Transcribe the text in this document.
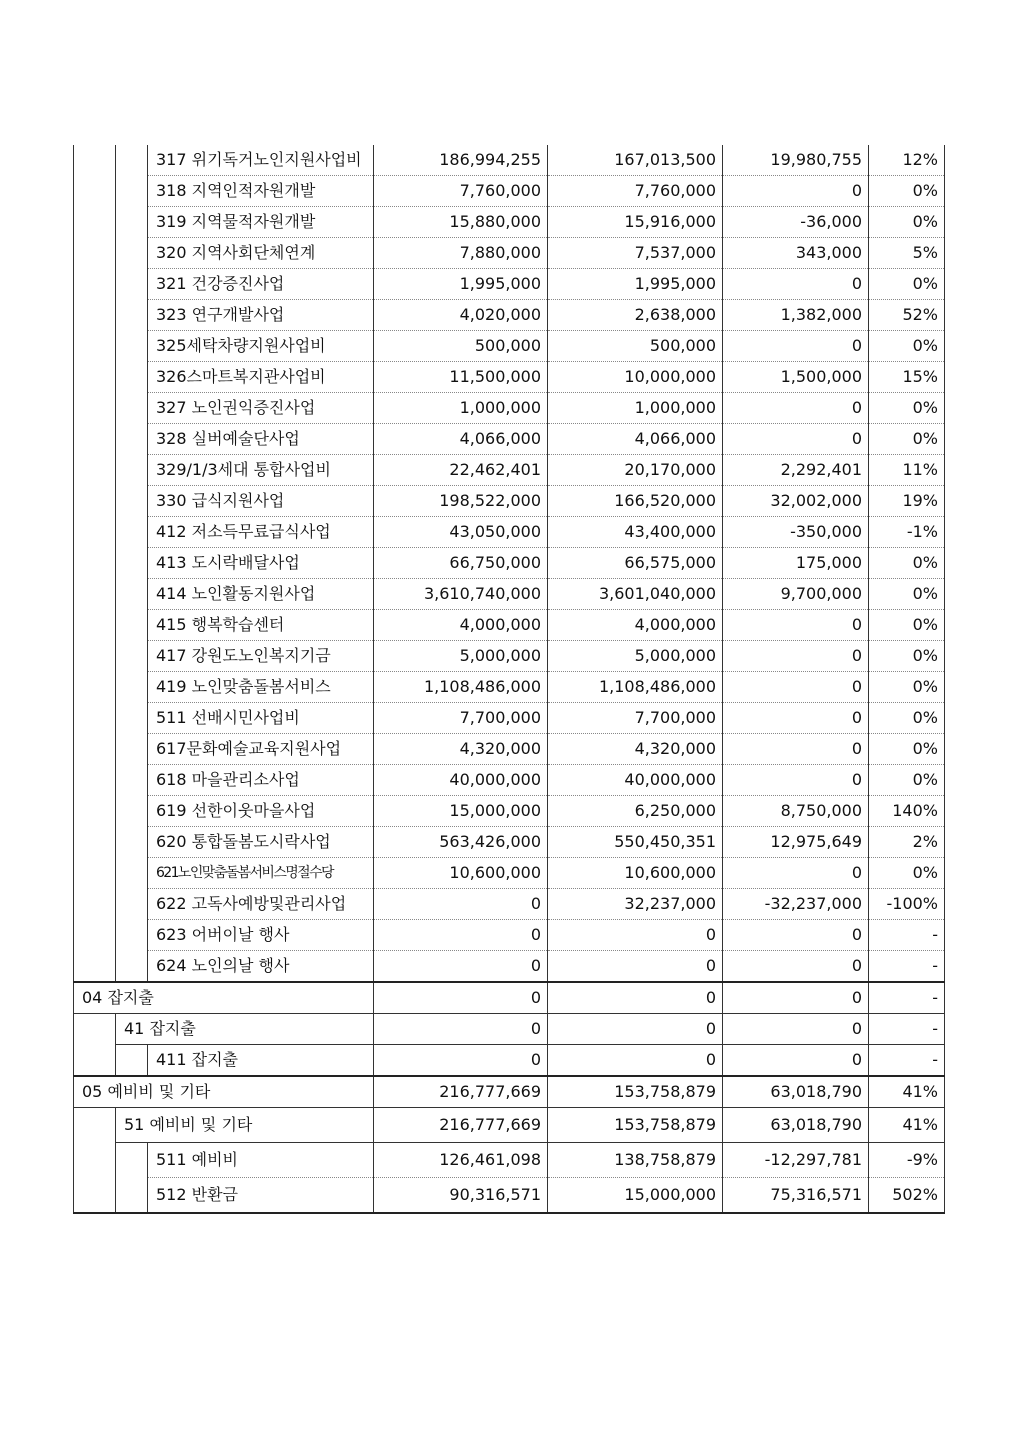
		317 위기독거노인지원사업비	186,994,255	167,013,500	19,980,755	12%
		318 지역인적자원개발	7,760,000	7,760,000	0	0%
		319 지역물적자원개발	15,880,000	15,916,000	-36,000	0%
		320 지역사회단체연계	7,880,000	7,537,000	343,000	5%
		321 건강증진사업	1,995,000	1,995,000	0	0%
		323 연구개발사업	4,020,000	2,638,000	1,382,000	52%
		325세탁차량지원사업비	500,000	500,000	0	0%
		326스마트복지관사업비	11,500,000	10,000,000	1,500,000	15%
		327 노인권익증진사업	1,000,000	1,000,000	0	0%
		328 실버예술단사업	4,066,000	4,066,000	0	0%
		329/1/3세대 통합사업비	22,462,401	20,170,000	2,292,401	11%
		330 급식지원사업	198,522,000	166,520,000	32,002,000	19%
		412 저소득무료급식사업	43,050,000	43,400,000	-350,000	-1%
		413 도시락배달사업	66,750,000	66,575,000	175,000	0%
		414 노인활동지원사업	3,610,740,000	3,601,040,000	9,700,000	0%
		415 행복학습센터	4,000,000	4,000,000	0	0%
		417 강원도노인복지기금	5,000,000	5,000,000	0	0%
		419 노인맞춤돌봄서비스	1,108,486,000	1,108,486,000	0	0%
		511 선배시민사업비	7,700,000	7,700,000	0	0%
		617문화예술교육지원사업	4,320,000	4,320,000	0	0%
		618 마을관리소사업	40,000,000	40,000,000	0	0%
		619 선한이웃마을사업	15,000,000	6,250,000	8,750,000	140%
		620 통합돌봄도시락사업	563,426,000	550,450,351	12,975,649	2%
		621노인맞춤돌봄서비스명절수당	10,600,000	10,600,000	0	0%
		622 고독사예방및관리사업	0	32,237,000	-32,237,000	-100%
		623 어버이날 행사	0	0	0	-
		624 노인의날 행사	0	0	0	-
04 잡지출			0	0	0	-
	41 잡지출		0	0	0	-
		411 잡지출	0	0	0	-
05 예비비 및 기타			216,777,669	153,758,879	63,018,790	41%
	51 예비비 및 기타		216,777,669	153,758,879	63,018,790	41%
		511 예비비	126,461,098	138,758,879	-12,297,781	-9%
		512 반환금	90,316,571	15,000,000	75,316,571	502%
